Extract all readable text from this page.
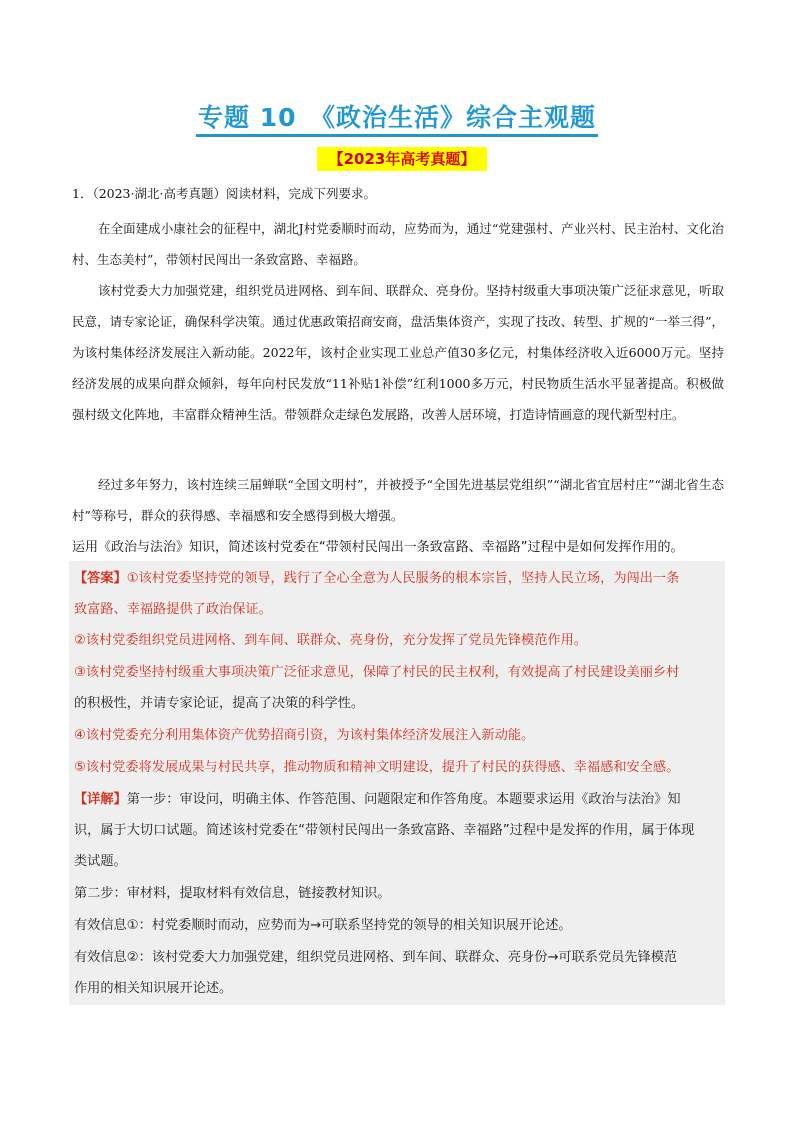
专题 10　《政治生活》综合主观题
【2023年高考真题】
1．（2023·湖北·高考真题）阅读材料，完成下列要求。

在全面建成小康社会的征程中，湖北J村党委顺时而动，应势而为，通过“党建强村、产业兴村、民主治村、文化治村、生态美村”，带领村民闯出一条致富路、幸福路。

该村党委大力加强党建，组织党员进网格、到车间、联群众、亮身份。坚持村级重大事项决策广泛征求意见，听取民意，请专家论证，确保科学决策。通过优惠政策招商安商，盘活集体资产，实现了技改、转型、扩规的“一举三得”，为该村集体经济发展注入新动能。2022年，该村企业实现工业总产值30多亿元，村集体经济收入近6000万元。坚持经济发展的成果向群众倾斜，每年向村民发放“11补贴1补偿”红利1000多万元，村民物质生活水平显著提高。积极做强村级文化阵地，丰富群众精神生活。带领群众走绿色发展路，改善人居环境，打造诗情画意的现代新型村庄。

经过多年努力，该村连续三届蝉联“全国文明村”，并被授予“全国先进基层党组织”“湖北省宜居村庄”“湖北省生态村”等称号，群众的获得感、幸福感和安全感得到极大增强。

运用《政治与法治》知识，简述该村党委在“带领村民闯出一条致富路、幸福路”过程中是如何发挥作用的。
【答案】①该村党委坚持党的领导，践行了全心全意为人民服务的根本宗旨，坚持人民立场，为闯出一条
致富路、幸福路提供了政治保证。
②该村党委组织党员进网格、到车间、联群众、亮身份，充分发挥了党员先锋模范作用。
③该村党委坚持村级重大事项决策广泛征求意见，保障了村民的民主权利，有效提高了村民建设美丽乡村
的积极性，并请专家论证，提高了决策的科学性。
④该村党委充分利用集体资产优势招商引资，为该村集体经济发展注入新动能。
⑤该村党委将发展成果与村民共享，推动物质和精神文明建设，提升了村民的获得感、幸福感和安全感。
【详解】第一步：审设问，明确主体、作答范围、问题限定和作答角度。本题要求运用《政治与法治》知
识，属于大切口试题。简述该村党委在“带领村民闯出一条致富路、幸福路”过程中是发挥的作用，属于体现
类试题。
第二步：审材料，提取材料有效信息，链接教材知识。
有效信息①：村党委顺时而动，应势而为→可联系坚持党的领导的相关知识展开论述。
有效信息②：该村党委大力加强党建，组织党员进网格、到车间、联群众、亮身份→可联系党员先锋模范
作用的相关知识展开论述。
